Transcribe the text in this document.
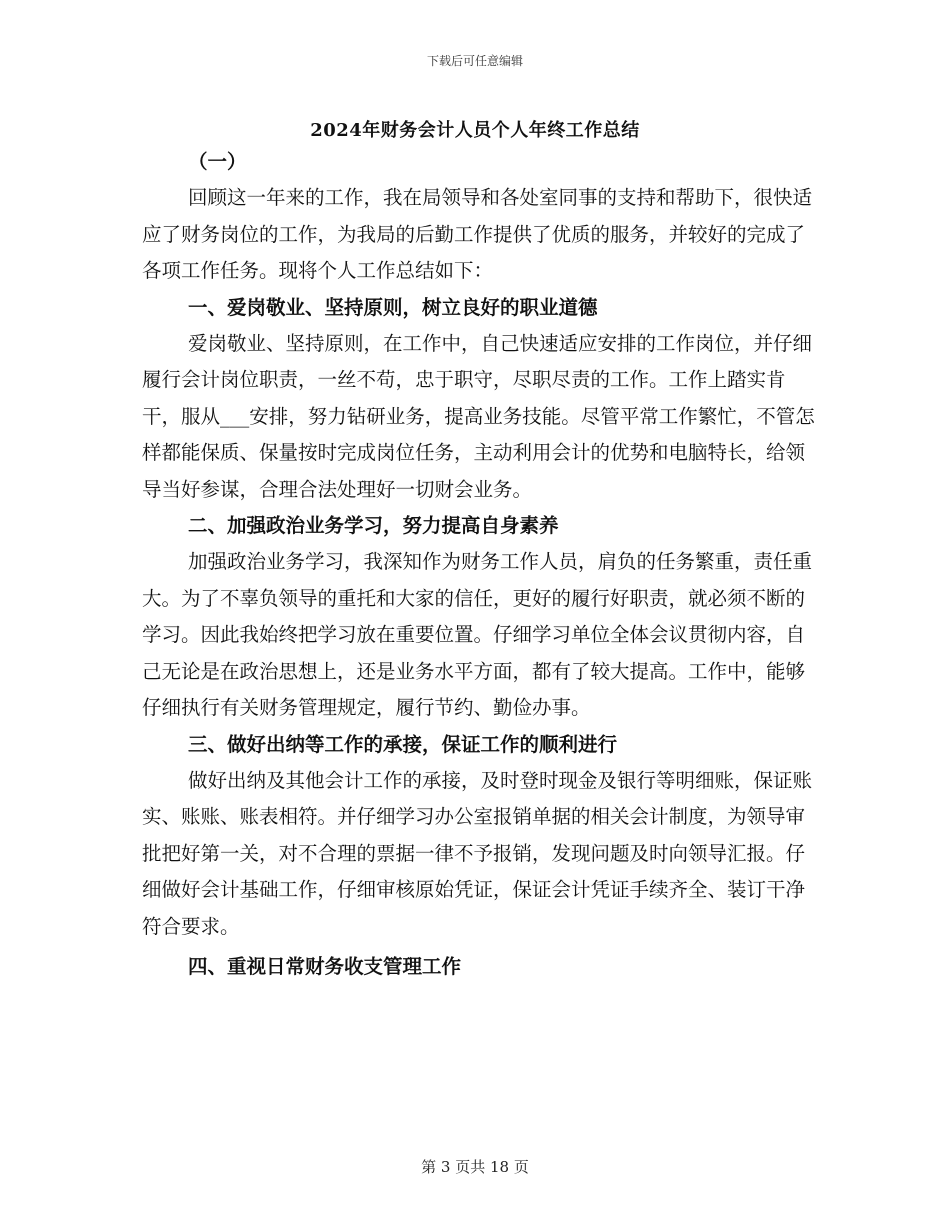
下载后可任意编辑
2024年财务会计人员个人年终工作总结

（一）

回顾这一年来的工作，我在局领导和各处室同事的支持和帮助下，很快适应了财务岗位的工作，为我局的后勤工作提供了优质的服务，并较好的完成了各项工作任务。现将个人工作总结如下：

一、爱岗敬业、坚持原则，树立良好的职业道德

爱岗敬业、坚持原则，在工作中，自己快速适应安排的工作岗位，并仔细履行会计岗位职责，一丝不苟，忠于职守，尽职尽责的工作。工作上踏实肯干，服从___安排，努力钻研业务，提高业务技能。尽管平常工作繁忙，不管怎样都能保质、保量按时完成岗位任务，主动利用会计的优势和电脑特长，给领导当好参谋，合理合法处理好一切财会业务。

二、加强政治业务学习，努力提高自身素养

加强政治业务学习，我深知作为财务工作人员，肩负的任务繁重，责任重大。为了不辜负领导的重托和大家的信任，更好的履行好职责，就必须不断的学习。因此我始终把学习放在重要位置。仔细学习单位全体会议贯彻内容，自己无论是在政治思想上，还是业务水平方面，都有了较大提高。工作中，能够仔细执行有关财务管理规定，履行节约、勤俭办事。

三、做好出纳等工作的承接，保证工作的顺利进行

做好出纳及其他会计工作的承接，及时登时现金及银行等明细账，保证账实、账账、账表相符。并仔细学习办公室报销单据的相关会计制度，为领导审批把好第一关，对不合理的票据一律不予报销，发现问题及时向领导汇报。仔细做好会计基础工作，仔细审核原始凭证，保证会计凭证手续齐全、装订干净符合要求。

四、重视日常财务收支管理工作

第 3 页共 18 页
